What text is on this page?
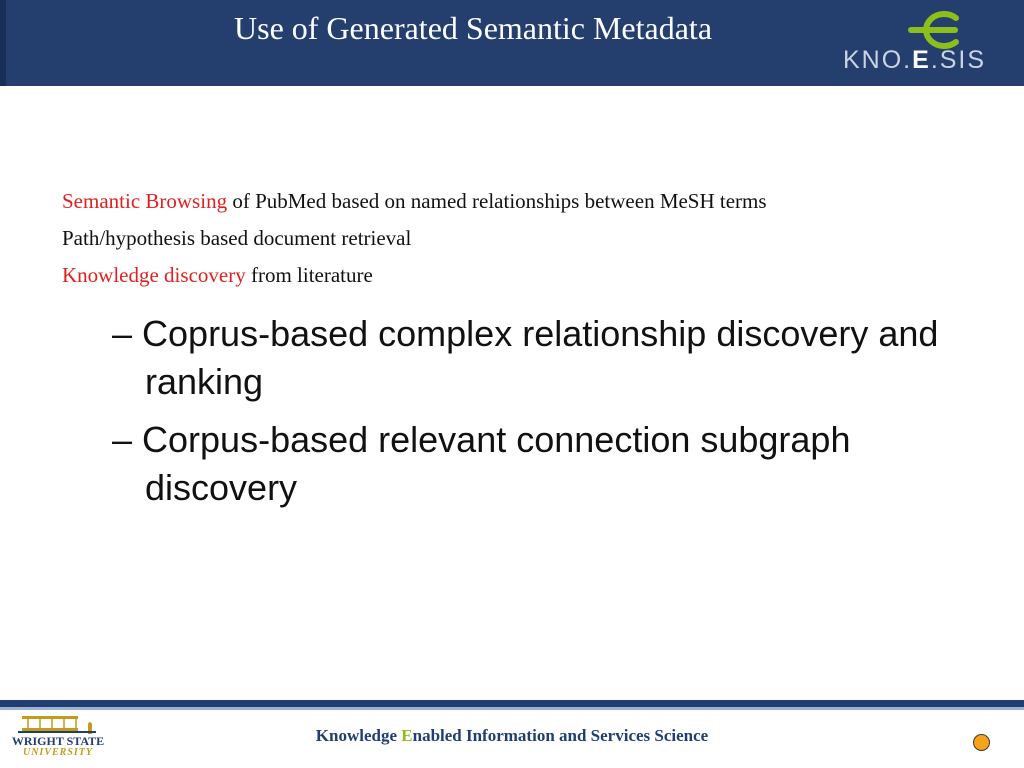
Use of Generated Semantic Metadata
KNO.E.SIS
Semantic Browsing of PubMed based on named relationships between MeSH terms
Path/hypothesis based document retrieval
Knowledge discovery from literature
– Coprus-based complex relationship discovery and ranking
– Corpus-based relevant connection subgraph discovery
WRIGHT STATE
UNIVERSITY
Knowledge Enabled Information and Services Science
